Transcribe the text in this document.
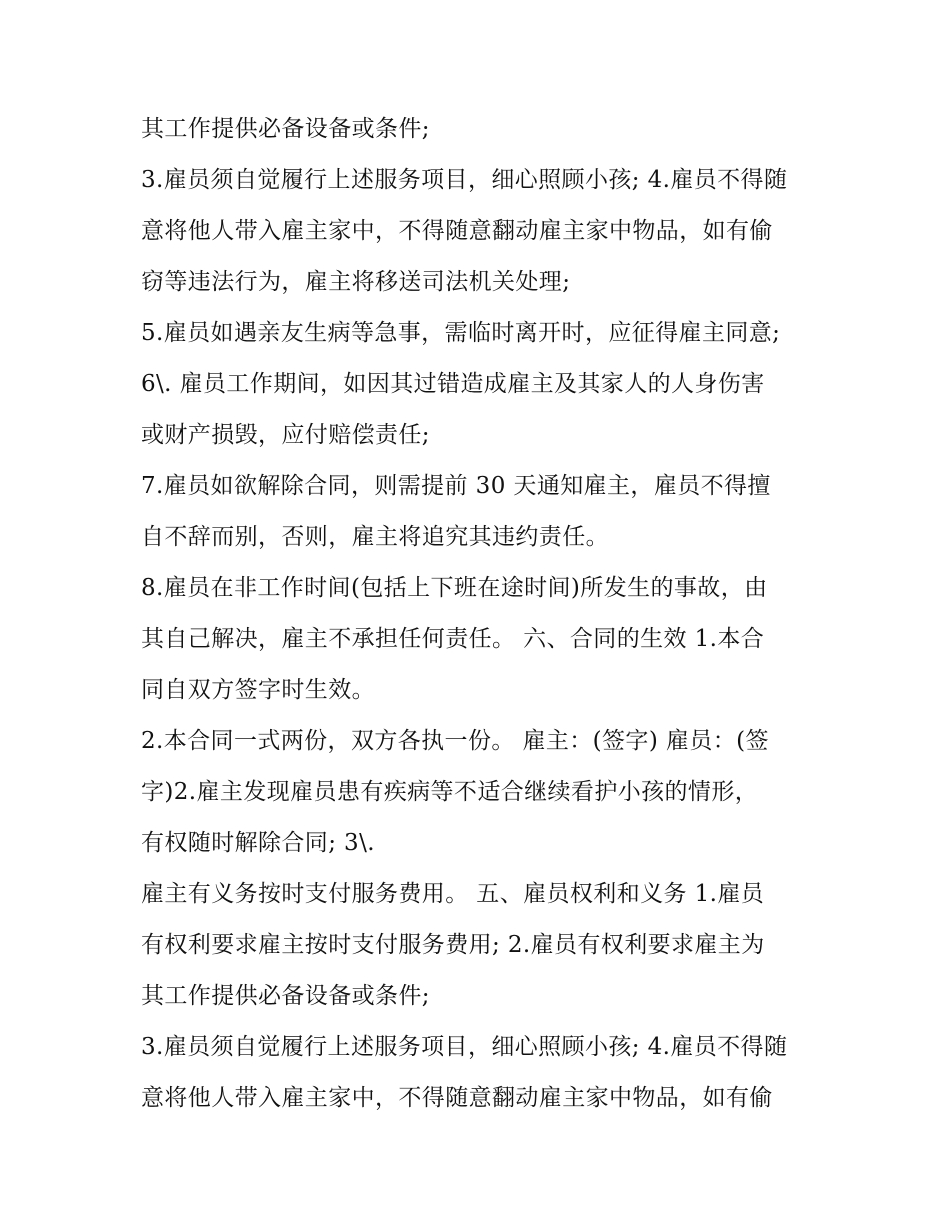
其工作提供必备设备或条件;
3.雇员须自觉履行上述服务项目，细心照顾小孩; 4.雇员不得随
意将他人带入雇主家中，不得随意翻动雇主家中物品，如有偷
窃等违法行为，雇主将移送司法机关处理;
5.雇员如遇亲友生病等急事，需临时离开时，应征得雇主同意;
6\. 雇员工作期间，如因其过错造成雇主及其家人的人身伤害
或财产损毁，应付赔偿责任;
7.雇员如欲解除合同，则需提前 30 天通知雇主，雇员不得擅
自不辞而别，否则，雇主将追究其违约责任。
8.雇员在非工作时间(包括上下班在途时间)所发生的事故，由
其自己解决，雇主不承担任何责任。 六、合同的生效 1.本合
同自双方签字时生效。
2.本合同一式两份，双方各执一份。 雇主：(签字) 雇员：(签
字)2.雇主发现雇员患有疾病等不适合继续看护小孩的情形，
有权随时解除合同; 3\.
雇主有义务按时支付服务费用。 五、雇员权利和义务 1.雇员
有权利要求雇主按时支付服务费用; 2.雇员有权利要求雇主为
其工作提供必备设备或条件;
3.雇员须自觉履行上述服务项目，细心照顾小孩; 4.雇员不得随
意将他人带入雇主家中，不得随意翻动雇主家中物品，如有偷
